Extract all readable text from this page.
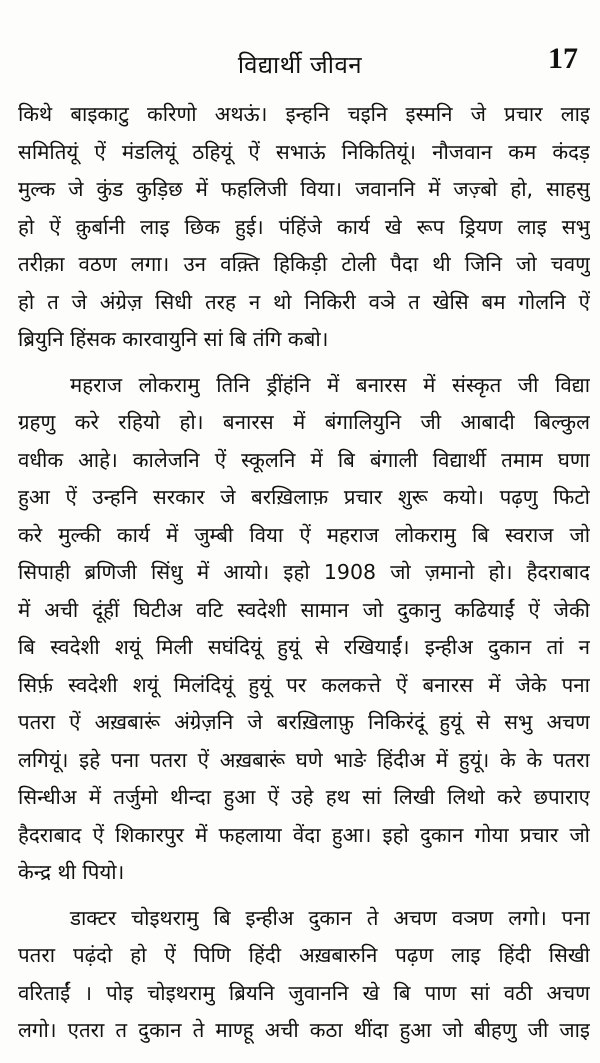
विद्यार्थी जीवन	17
किथे बाइकाटु करिणो अथऊं। इन्हनि चइनि इस्मनि जे प्रचार लाइ
समितियूं ऐं मंडलियूं ठहियूं ऐं सभाऊं निकितियूं। नौजवान कम कंदड़
मुल्क जे कुंड कुड़िछ में फहलिजी विया। जवाननि में जज़्बो हो, साहसु
हो ऐं क़ुर्बानी लाइ छिक हुई। पंहिंजे कार्य खे रूप ड्रियण लाइ सभु
तरीक़ा वठण लगा। उन वक़्ति हिकिड़ी टोली पैदा थी जिनि जो चवणु
हो त जे अंग्रेज़ सिधी तरह न थो निकिरी वञे त खेसि बम गोलनि ऐं
ब्रियुनि हिंसक कारवायुनि सां बि तंगि कबो।
महराज लोकरामु तिनि ड्रींहंनि में बनारस में संस्कृत जी विद्या
ग्रहणु करे रहियो हो। बनारस में बंगालियुनि जी आबादी बिल्कुल
वधीक आहे। कालेजनि ऐं स्कूलनि में बि बंगाली विद्यार्थी तमाम घणा
हुआ ऐं उन्हनि सरकार जे बरख़िलाफ़ प्रचार शुरू कयो। पढ़णु फिटो
करे मुल्की कार्य में जुम्बी विया ऐं महराज लोकरामु बि स्वराज जो
सिपाही ब्रणिजी सिंधु में आयो। इहो 1908 जो ज़मानो हो। हैदराबाद
में अची दूंहीं घिटीअ वटि स्वदेशी सामान जो दुकानु कढियाईं ऐं जेकी
बि स्वदेशी शयूं मिली सघंदियूं हुयूं से रखियाईं। इन्हीअ दुकान तां न
सिर्फ़ स्वदेशी शयूं मिलंदियूं हुयूं पर कलकत्ते ऐं बनारस में जेके पना
पतरा ऐं अख़बारूं अंग्रेज़नि जे बरख़िलाफ़ु निकिरंदूं हुयूं से सभु अचण
लगियूं। इहे पना पतरा ऐं अख़बारूं घणे भाङे हिंदीअ में हुयूं। के के पतरा
सिन्धीअ में तर्जुमो थीन्दा हुआ ऐं उहे हथ सां लिखी लिथो करे छपाराए
हैदराबाद ऐं शिकारपुर में फहलाया वेंदा हुआ। इहो दुकान गोया प्रचार जो
केन्द्र थी पियो।
डाक्टर चोइथरामु बि इन्हीअ दुकान ते अचण वञण लगो। पना
पतरा पढ़ंदो हो ऐं पिणि हिंदी अख़बारुनि पढ़ण लाइ हिंदी सिखी
वरिताईं । पोइ चोइथरामु ब्रियनि जुवाननि खे बि पाण सां वठी अचण
लगो। एतरा त दुकान ते माण्हू अची कठा थींदा हुआ जो बीहणु जी जाइ
